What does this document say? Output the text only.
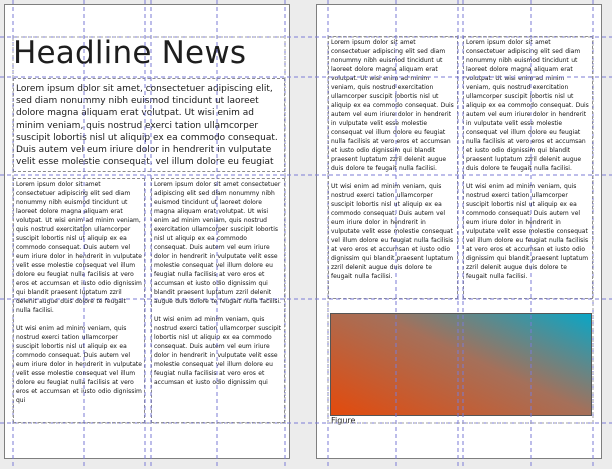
Headline News
Lorem ipsum dolor sit amet, consectetuer adipiscing elit, sed diam nonummy nibh euismod tincidunt ut laoreet dolore magna aliquam erat volutpat. Ut wisi enim ad minim veniam, quis nostrud exerci tation ullamcorper suscipit lobortis nisl ut aliquip ex ea commodo consequat. Duis autem vel eum iriure dolor in hendrerit in vulputate velit esse molestie consequat, vel illum dolore eu feugiat

Lorem ipsum dolor sit amet consectetuer adipiscing elit sed diam nonummy nibh euismod tincidunt ut laoreet dolore magna aliquam erat volutpat. Ut wisi enim ad minim veniam, quis nostrud exercitation ullamcorper suscipit lobortis nisl ut aliquip ex ea commodo consequat. Duis autem vel eum iriure dolor in hendrerit in vulputate velit esse molestie consequat vel illum dolore eu feugiat nulla facilisis at vero eros et accumsan et iusto odio dignissim qui blandit praesent luptatum zzril delenit augue duis dolore te feugait nulla facilisi.

Ut wisi enim ad minim veniam, quis nostrud exerci tation ullamcorper suscipit lobortis nisl ut aliquip ex ea commodo consequat. Duis autem vel eum iriure dolor in hendrerit in vulputate velit esse molestie consequat vel illum dolore eu feugiat nulla facilisis at vero eros et accumsan et iusto odio dignissim qui

Lorem ipsum dolor sit amet consectetuer adipiscing elit sed diam nonummy nibh euismod tincidunt ut laoreet dolore magna aliquam erat volutpat. Ut wisi enim ad minim veniam, quis nostrud exercitation ullamcorper suscipit lobortis nisl ut aliquip ex ea commodo consequat. Duis autem vel eum iriure dolor in hendrerit in vulputate velit esse molestie consequat vel illum dolore eu feugiat nulla facilisis at vero eros et accumsan et iusto odio dignissim qui blandit praesent luptatum zzril delenit augue duis dolore te feugait nulla facilisi.

Ut wisi enim ad minim veniam, quis nostrud exerci tation ullamcorper suscipit lobortis nisl ut aliquip ex ea commodo consequat. Duis autem vel eum iriure dolor in hendrerit in vulputate velit esse molestie consequat vel illum dolore eu feugiat nulla facilisis at vero eros et accumsan et iusto odio dignissim qui

Lorem ipsum dolor sit amet consectetuer adipiscing elit sed diam nonummy nibh euismod tincidunt ut laoreet dolore magna aliquam erat volutpat. Ut wisi enim ad minim veniam, quis nostrud exercitation ullamcorper suscipit lobortis nisl ut aliquip ex ea commodo consequat. Duis autem vel eum iriure dolor in hendrerit in vulputate velit esse molestie consequat vel illum dolore eu feugiat nulla facilisis at vero eros et accumsan et iusto odio dignissim qui blandit praesent luptatum zzril delenit augue duis dolore te feugait nulla facilisi.

Ut wisi enim ad minim veniam, quis nostrud exerci tation ullamcorper suscipit lobortis nisl ut aliquip ex ea commodo consequat. Duis autem vel eum iriure dolor in hendrerit in vulputate velit esse molestie consequat vel illum dolore eu feugiat nulla facilisis at vero eros et accumsan et iusto odio dignissim qui blandit praesent luptatum zzril delenit augue duis dolore te feugait nulla facilisi.

Lorem ipsum dolor sit amet consectetuer adipiscing elit sed diam nonummy nibh euismod tincidunt ut laoreet dolore magna aliquam erat volutpat. Ut wisi enim ad minim veniam, quis nostrud exercitation ullamcorper suscipit lobortis nisl ut aliquip ex ea commodo consequat. Duis autem vel eum iriure dolor in hendrerit in vulputate velit esse molestie consequat vel illum dolore eu feugiat nulla facilisis at vero eros et accumsan et iusto odio dignissim qui blandit praesent luptatum zzril delenit augue duis dolore te feugait nulla facilisi.

Ut wisi enim ad minim veniam, quis nostrud exerci tation ullamcorper suscipit lobortis nisl ut aliquip ex ea commodo consequat. Duis autem vel eum iriure dolor in hendrerit in vulputate velit esse molestie consequat vel illum dolore eu feugiat nulla facilisis at vero eros et accumsan et iusto odio dignissim qui blandit praesent luptatum zzril delenit augue duis dolore te feugait nulla facilisi.

Figure
